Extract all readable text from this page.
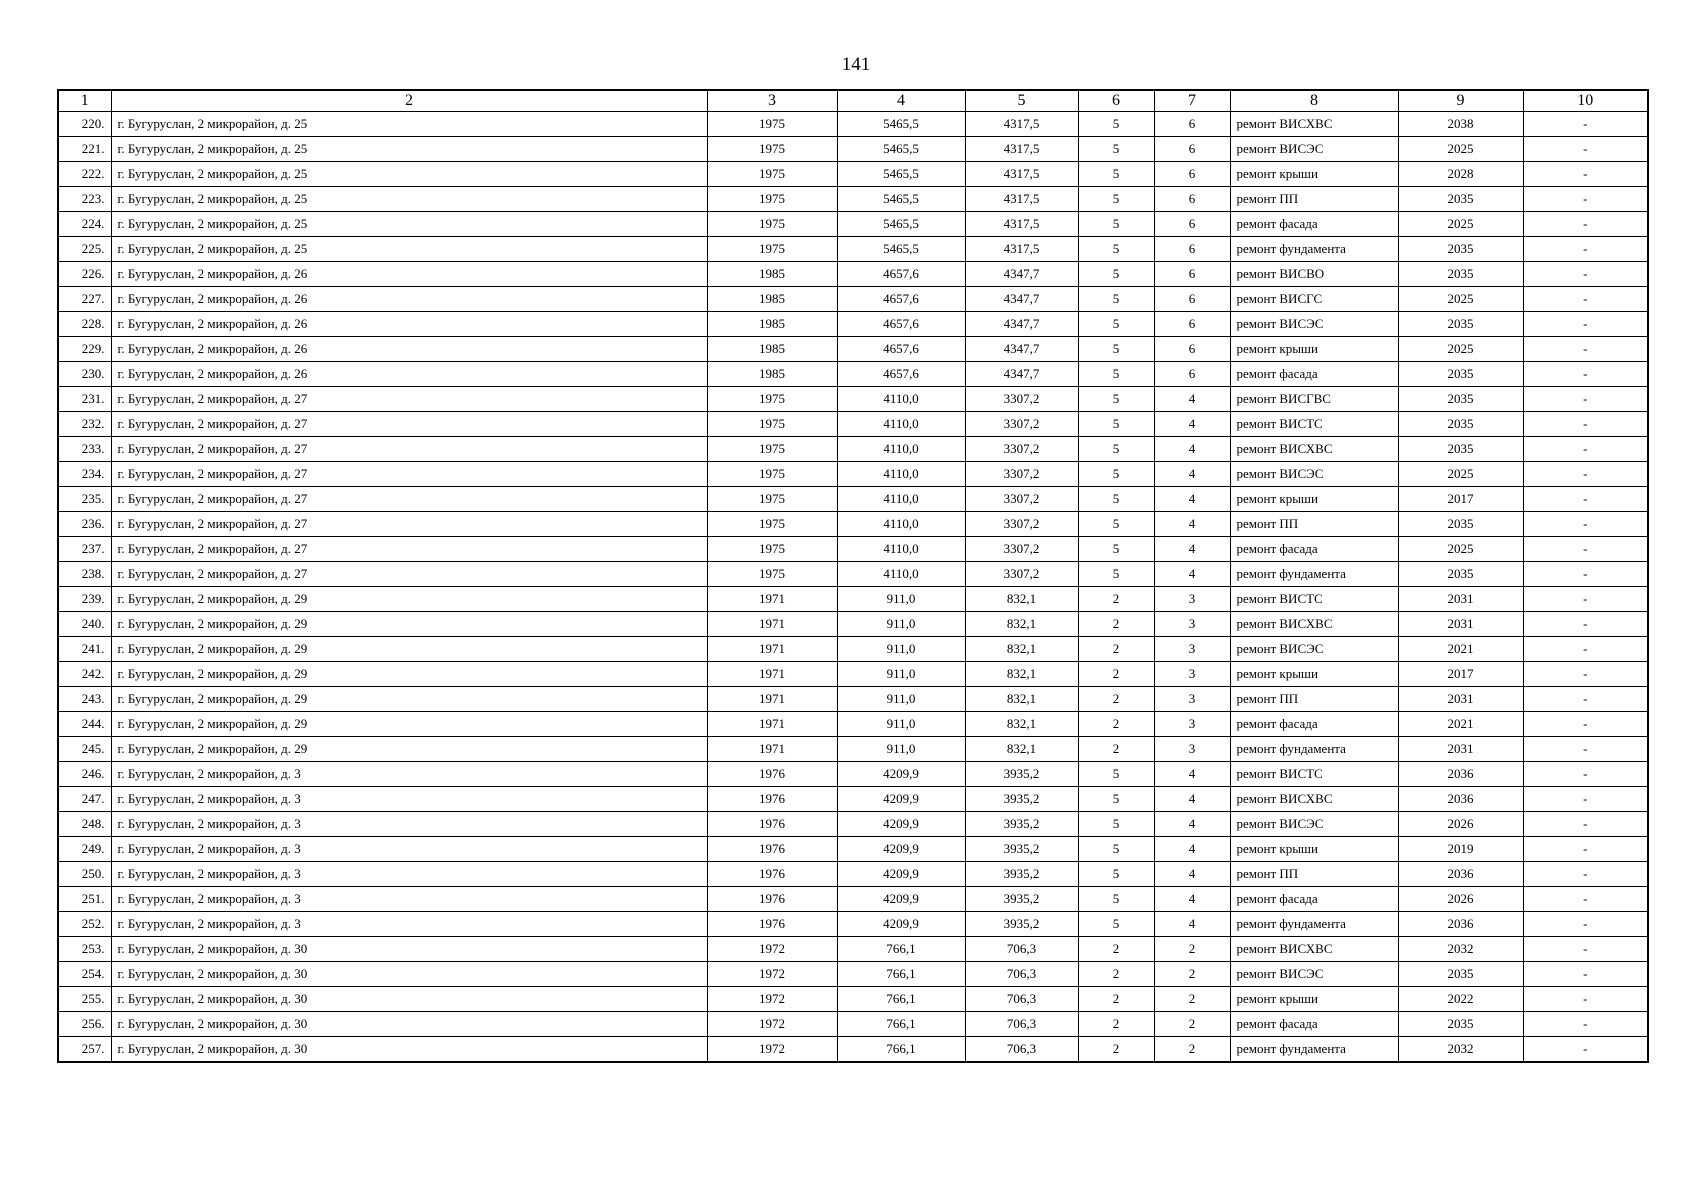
141
1	2	3	4	5	6	7	8	9	10
220.	г. Бугуруслан, 2 микрорайон, д. 25	1975	5465,5	4317,5	5	6	ремонт ВИСХВС	2038	-
221.	г. Бугуруслан, 2 микрорайон, д. 25	1975	5465,5	4317,5	5	6	ремонт ВИСЭС	2025	-
222.	г. Бугуруслан, 2 микрорайон, д. 25	1975	5465,5	4317,5	5	6	ремонт крыши	2028	-
223.	г. Бугуруслан, 2 микрорайон, д. 25	1975	5465,5	4317,5	5	6	ремонт ПП	2035	-
224.	г. Бугуруслан, 2 микрорайон, д. 25	1975	5465,5	4317,5	5	6	ремонт фасада	2025	-
225.	г. Бугуруслан, 2 микрорайон, д. 25	1975	5465,5	4317,5	5	6	ремонт фундамента	2035	-
226.	г. Бугуруслан, 2 микрорайон, д. 26	1985	4657,6	4347,7	5	6	ремонт ВИСВО	2035	-
227.	г. Бугуруслан, 2 микрорайон, д. 26	1985	4657,6	4347,7	5	6	ремонт ВИСГС	2025	-
228.	г. Бугуруслан, 2 микрорайон, д. 26	1985	4657,6	4347,7	5	6	ремонт ВИСЭС	2035	-
229.	г. Бугуруслан, 2 микрорайон, д. 26	1985	4657,6	4347,7	5	6	ремонт крыши	2025	-
230.	г. Бугуруслан, 2 микрорайон, д. 26	1985	4657,6	4347,7	5	6	ремонт фасада	2035	-
231.	г. Бугуруслан, 2 микрорайон, д. 27	1975	4110,0	3307,2	5	4	ремонт ВИСГВС	2035	-
232.	г. Бугуруслан, 2 микрорайон, д. 27	1975	4110,0	3307,2	5	4	ремонт ВИСТС	2035	-
233.	г. Бугуруслан, 2 микрорайон, д. 27	1975	4110,0	3307,2	5	4	ремонт ВИСХВС	2035	-
234.	г. Бугуруслан, 2 микрорайон, д. 27	1975	4110,0	3307,2	5	4	ремонт ВИСЭС	2025	-
235.	г. Бугуруслан, 2 микрорайон, д. 27	1975	4110,0	3307,2	5	4	ремонт крыши	2017	-
236.	г. Бугуруслан, 2 микрорайон, д. 27	1975	4110,0	3307,2	5	4	ремонт ПП	2035	-
237.	г. Бугуруслан, 2 микрорайон, д. 27	1975	4110,0	3307,2	5	4	ремонт фасада	2025	-
238.	г. Бугуруслан, 2 микрорайон, д. 27	1975	4110,0	3307,2	5	4	ремонт фундамента	2035	-
239.	г. Бугуруслан, 2 микрорайон, д. 29	1971	911,0	832,1	2	3	ремонт ВИСТС	2031	-
240.	г. Бугуруслан, 2 микрорайон, д. 29	1971	911,0	832,1	2	3	ремонт ВИСХВС	2031	-
241.	г. Бугуруслан, 2 микрорайон, д. 29	1971	911,0	832,1	2	3	ремонт ВИСЭС	2021	-
242.	г. Бугуруслан, 2 микрорайон, д. 29	1971	911,0	832,1	2	3	ремонт крыши	2017	-
243.	г. Бугуруслан, 2 микрорайон, д. 29	1971	911,0	832,1	2	3	ремонт ПП	2031	-
244.	г. Бугуруслан, 2 микрорайон, д. 29	1971	911,0	832,1	2	3	ремонт фасада	2021	-
245.	г. Бугуруслан, 2 микрорайон, д. 29	1971	911,0	832,1	2	3	ремонт фундамента	2031	-
246.	г. Бугуруслан, 2 микрорайон, д. 3	1976	4209,9	3935,2	5	4	ремонт ВИСТС	2036	-
247.	г. Бугуруслан, 2 микрорайон, д. 3	1976	4209,9	3935,2	5	4	ремонт ВИСХВС	2036	-
248.	г. Бугуруслан, 2 микрорайон, д. 3	1976	4209,9	3935,2	5	4	ремонт ВИСЭС	2026	-
249.	г. Бугуруслан, 2 микрорайон, д. 3	1976	4209,9	3935,2	5	4	ремонт крыши	2019	-
250.	г. Бугуруслан, 2 микрорайон, д. 3	1976	4209,9	3935,2	5	4	ремонт ПП	2036	-
251.	г. Бугуруслан, 2 микрорайон, д. 3	1976	4209,9	3935,2	5	4	ремонт фасада	2026	-
252.	г. Бугуруслан, 2 микрорайон, д. 3	1976	4209,9	3935,2	5	4	ремонт фундамента	2036	-
253.	г. Бугуруслан, 2 микрорайон, д. 30	1972	766,1	706,3	2	2	ремонт ВИСХВС	2032	-
254.	г. Бугуруслан, 2 микрорайон, д. 30	1972	766,1	706,3	2	2	ремонт ВИСЭС	2035	-
255.	г. Бугуруслан, 2 микрорайон, д. 30	1972	766,1	706,3	2	2	ремонт крыши	2022	-
256.	г. Бугуруслан, 2 микрорайон, д. 30	1972	766,1	706,3	2	2	ремонт фасада	2035	-
257.	г. Бугуруслан, 2 микрорайон, д. 30	1972	766,1	706,3	2	2	ремонт фундамента	2032	-
